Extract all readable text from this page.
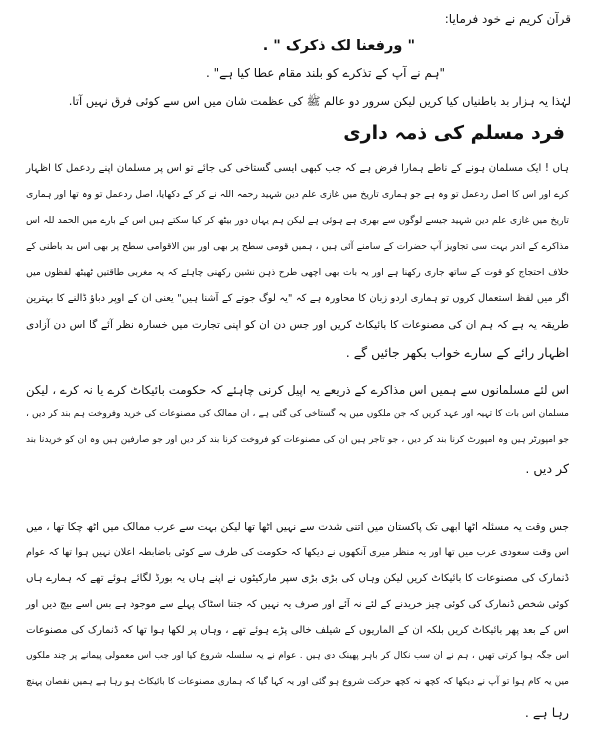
قرآن کریم نے خود فرمایا:
" ورفعنا لک ذکرک " .
"ہم نے آپ کے تذکرے کو بلند مقام عطا کیا ہے" .
لہٰذا یہ ہزار بد باطنیاں کیا کریں لیکن سرور دو عالم ﷺ کی عظمت شان میں اس سے کوئی فرق نہیں آتا.
فرد مسلم کی ذمہ داری
ہاں ! ایک مسلمان ہونے کے ناطے ہمارا فرض ہے کہ جب کبھی ایسی گستاخی کی جائے تو اس پر مسلمان اپنے ردعمل کا اظہار
کرے اور اس کا اصل ردعمل تو وہ ہے جو ہماری تاریخ میں غازی علم دین شہید رحمہ اللہ نے کر کے دکھایا، اصل ردعمل تو وہ تھا اور ہماری
تاریخ میں غازی علم دین شہید جیسے لوگوں سے بھری ہے ہوئی ہے لیکن ہم یہاں دور بیٹھ کر کیا سکتے ہیں اس کے بارے میں الحمد للہ اس
مذاکرے کے اندر بہت سی تجاویز آپ حضرات کے سامنے آئی ہیں ، ہمیں قومی سطح پر بھی اور بین الاقوامی سطح پر بھی اس بد باطنی کے
خلاف احتجاج کو قوت کے ساتھ جاری رکھنا ہے اور یہ بات بھی اچھی طرح ذہن نشین رکھنی چاہئے کہ یہ مغربی طاقتیں ٹھیٹھ لفظوں میں
اگر میں لفظ استعمال کروں تو ہماری اردو زبان کا محاورہ ہے کہ "یہ لوگ جوتے کے آشنا ہیں" یعنی ان کے اوپر دباؤ ڈالنے کا بہترین
طریقہ یہ ہے کہ ہم ان کی مصنوعات کا بائیکاٹ کریں اور جس دن ان کو اپنی تجارت میں خسارہ نظر آئے گا اس دن آزادی
اظہار رائے کے سارے خواب بکھر جائیں گے .
اس لئے مسلمانوں سے ہمیں اس مذاکرے کے ذریعے یہ اپیل کرنی چاہئے کہ حکومت بائیکاٹ کرے یا نہ کرے ، لیکن
مسلمان اس بات کا تہیہ اور عہد کریں کہ جن ملکوں میں یہ گستاخی کی گئی ہے ، ان ممالک کی مصنوعات کی خرید وفروخت ہم بند کر دیں ،
جو امپورٹر ہیں وہ امپورٹ کرنا بند کر دیں ، جو تاجر ہیں ان کی مصنوعات کو فروخت کرنا بند کر دیں اور جو صارفین ہیں وہ ان کو خریدنا بند
کر دیں .
جس وقت یہ مسئلہ اٹھا ابھی تک پاکستان میں اتنی شدت سے نہیں اٹھا تھا لیکن بہت سے عرب ممالک میں اٹھ چکا تھا ، میں
اس وقت سعودی عرب میں تھا اور یہ منظر میری آنکھوں نے دیکھا کہ حکومت کی طرف سے کوئی باضابطہ اعلان نہیں ہوا تھا کہ عوام
ڈنمارک کی مصنوعات کا بائیکاٹ کریں لیکن وہاں کی بڑی بڑی سپر مارکیٹوں نے اپنے ہاں یہ بورڈ لگائے ہوئے تھے کہ ہمارے ہاں
کوئی شخص ڈنمارک کی کوئی چیز خریدنے کے لئے نہ آئے اور صرف یہ نہیں کہ جتنا اسٹاک پہلے سے موجود ہے بس اسے بیچ دیں اور
اس کے بعد پھر بائیکاٹ کریں بلکہ ان کے الماریوں کے شیلف خالی پڑے ہوئے تھے ، وہاں پر لکھا ہوا تھا کہ ڈنمارک کی مصنوعات
اس جگہ ہوا کرتی تھیں ، ہم نے ان سب نکال کر باہر پھینک دی ہیں . عوام نے یہ سلسلہ شروع کیا اور جب اس معمولی پیمانے پر چند ملکوں
میں یہ کام ہوا تو آپ نے دیکھا کہ کچھ نہ کچھ حرکت شروع ہو گئی اور یہ کہا گیا کہ ہماری مصنوعات کا بائیکاٹ ہو رہا ہے ہمیں نقصان پہنچ
رہا ہے .
